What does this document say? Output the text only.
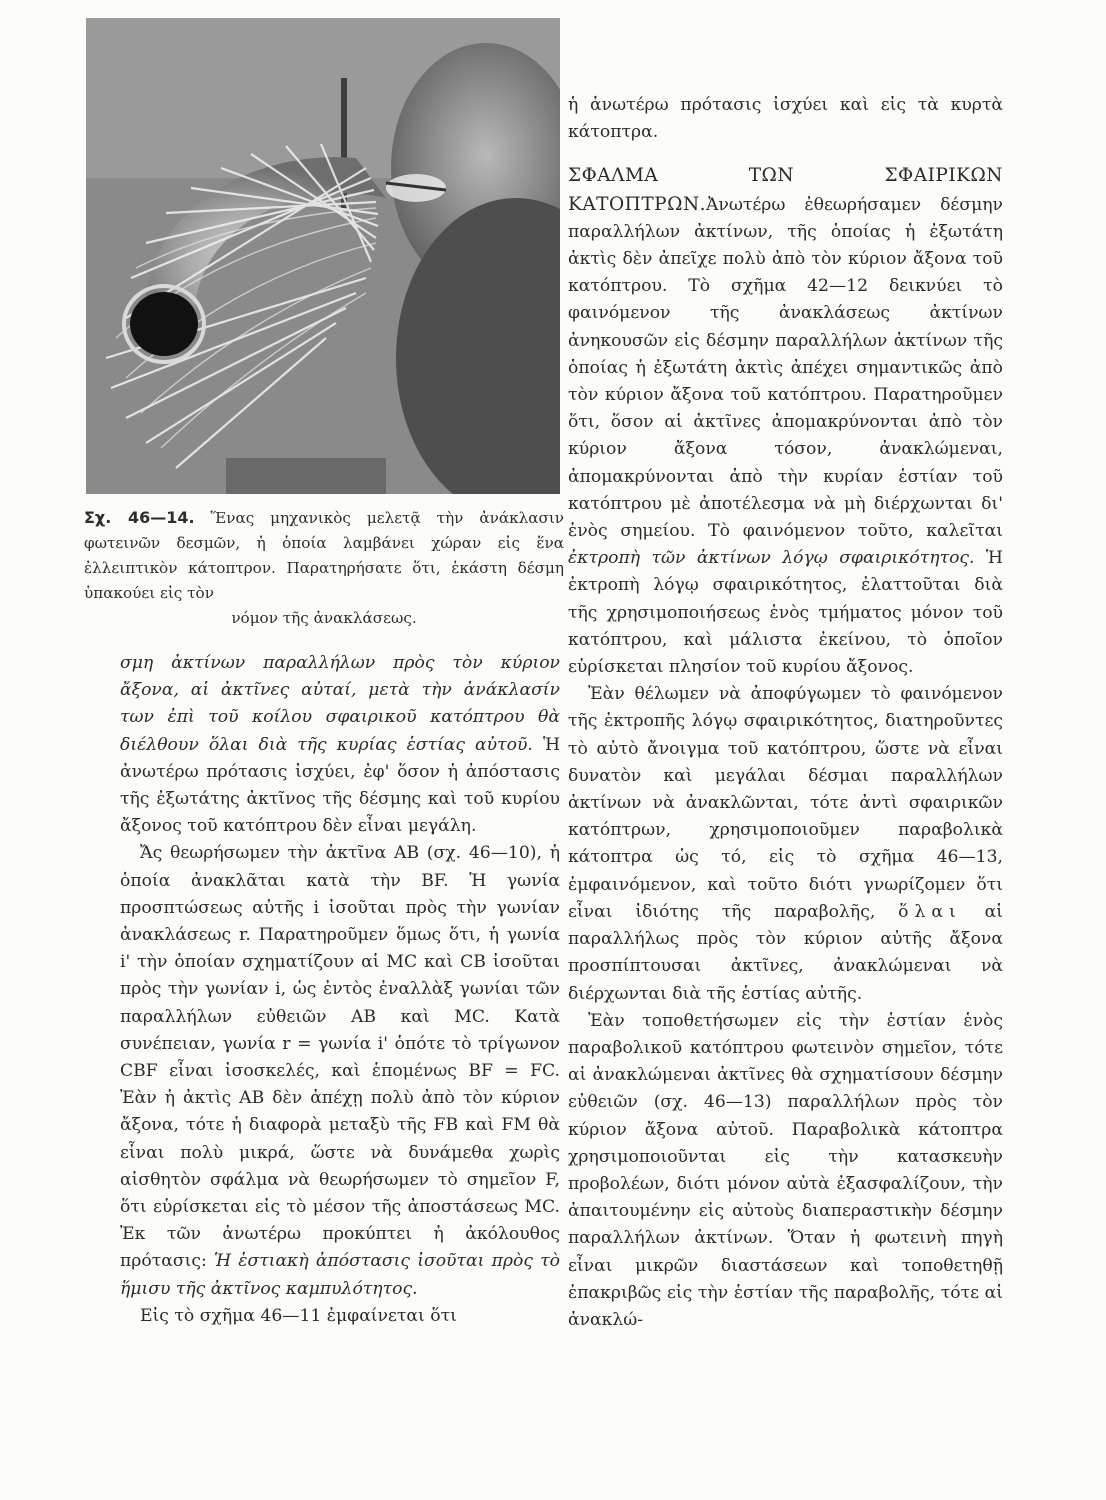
Σχ. 46—14. Ἕνας μηχανικὸς μελετᾷ τὴν ἀνάκλασιν φωτεινῶν δεσμῶν, ἡ ὁποία λαμβάνει χώραν εἰς ἕνα ἐλλειπτικὸν κάτοπτρον. Παρατηρήσατε ὅτι, ἑκάστη δέσμη ὑπακούει εἰς τὸν
νόμον τῆς ἀνακλάσεως.

σμη ἀκτίνων παραλλήλων πρὸς τὸν κύριον ἄξονα, αἱ ἀκτῖνες αὐταί, μετὰ τὴν ἀνάκλασίν των ἐπὶ τοῦ κοίλου σφαιρικοῦ κατόπτρου θὰ διέλθουν ὅλαι διὰ τῆς κυρίας ἑστίας αὐτοῦ. Ἡ ἀνωτέρω πρότασις ἰσχύει, ἐφ' ὅσον ἡ ἀπόστασις τῆς ἐξωτάτης ἀκτῖνος τῆς δέσμης καὶ τοῦ κυρίου ἄξονος τοῦ κατόπτρου δὲν εἶναι μεγάλη.

Ἄς θεωρήσωμεν τὴν ἀκτῖνα ΑΒ (σχ. 46—10), ἡ ὁποία ἀνακλᾶται κατὰ τὴν BF. Ἡ γωνία προσπτώσεως αὐτῆς i ἰσοῦται πρὸς τὴν γωνίαν ἀνακλάσεως r. Παρατηροῦμεν ὅμως ὅτι, ἡ γωνία i' τὴν ὁποίαν σχηματίζουν αἱ MC καὶ CB ἰσοῦται πρὸς τὴν γωνίαν i, ὡς ἐντὸς ἐναλλὰξ γωνίαι τῶν παραλλήλων εὐθειῶν ΑΒ καὶ MC. Κατὰ συνέπειαν, γωνία r = γωνία i' ὁπότε τὸ τρίγωνον CBF εἶναι ἰσοσκελές, καὶ ἑπομένως BF = FC. Ἐὰν ἡ ἀκτὶς ΑΒ δὲν ἀπέχῃ πολὺ ἀπὸ τὸν κύριον ἄξονα, τότε ἡ διαφορὰ μεταξὺ τῆς FB καὶ FM θὰ εἶναι πολὺ μικρά, ὥστε νὰ δυνάμεθα χωρὶς αἰσθητὸν σφάλμα νὰ θεωρήσωμεν τὸ σημεῖον F, ὅτι εὑρίσκεται εἰς τὸ μέσον τῆς ἀποστάσεως MC. Ἐκ τῶν ἀνωτέρω προκύπτει ἡ ἀκόλουθος πρότασις: Ἡ ἑστιακὴ ἀπόστασις ἰσοῦται πρὸς τὸ ἥμισυ τῆς ἀκτῖνος καμπυλότητος.

Εἰς τὸ σχῆμα 46—11 ἐμφαίνεται ὅτι

ἡ ἀνωτέρω πρότασις ἰσχύει καὶ εἰς τὰ κυρτὰ κάτοπτρα.

ΣΦΑΛΜΑ ΤΩΝ ΣΦΑΙΡΙΚΩΝ ΚΑΤΟΠΤΡΩΝ.Ἀνωτέρω ἐθεωρήσαμεν δέσμην παραλλήλων ἀκτίνων, τῆς ὁποίας ἡ ἐξωτάτη ἀκτὶς δὲν ἀπεῖχε πολὺ ἀπὸ τὸν κύριον ἄξονα τοῦ κατόπτρου. Τὸ σχῆμα 42—12 δεικνύει τὸ φαινόμενον τῆς ἀνακλάσεως ἀκτίνων ἀνηκουσῶν εἰς δέσμην παραλλήλων ἀκτίνων τῆς ὁποίας ἡ ἐξωτάτη ἀκτὶς ἀπέχει σημαντικῶς ἀπὸ τὸν κύριον ἄξονα τοῦ κατόπτρου. Παρατηροῦμεν ὅτι, ὅσον αἱ ἀκτῖνες ἀπομακρύνονται ἀπὸ τὸν κύριον ἄξονα τόσον, ἀνακλώμεναι, ἀπομακρύνονται ἀπὸ τὴν κυρίαν ἑστίαν τοῦ κατόπτρου μὲ ἀποτέλεσμα νὰ μὴ διέρχωνται δι' ἑνὸς σημείου. Τὸ φαινόμενον τοῦτο, καλεῖται ἐκτροπὴ τῶν ἀκτίνων λόγῳ σφαιρικότητος. Ἡ ἐκτροπὴ λόγῳ σφαιρικότητος, ἐλαττοῦται διὰ τῆς χρησιμοποιήσεως ἑνὸς τμήματος μόνον τοῦ κατόπτρου, καὶ μάλιστα ἐκείνου, τὸ ὁποῖον εὑρίσκεται πλησίον τοῦ κυρίου ἄξονος.

Ἐὰν θέλωμεν νὰ ἀποφύγωμεν τὸ φαινόμενον τῆς ἐκτροπῆς λόγῳ σφαιρικότητος, διατηροῦντες τὸ αὐτὸ ἄνοιγμα τοῦ κατόπτρου, ὥστε νὰ εἶναι δυνατὸν καὶ μεγάλαι δέσμαι παραλλήλων ἀκτίνων νὰ ἀνακλῶνται, τότε ἀντὶ σφαιρικῶν κατόπτρων, χρησιμοποιοῦμεν παραβολικὰ κάτοπτρα ὡς τό, εἰς τὸ σχῆμα 46—13, ἐμφαινόμενον, καὶ τοῦτο διότι γνωρίζομεν ὅτι εἶναι ἰδιότης τῆς παραβολῆς, ὅλαι αἱ παραλλήλως πρὸς τὸν κύριον αὐτῆς ἄξονα προσπίπτουσαι ἀκτῖνες, ἀνακλώμεναι νὰ διέρχωνται διὰ τῆς ἑστίας αὐτῆς.

Ἐὰν τοποθετήσωμεν εἰς τὴν ἑστίαν ἑνὸς παραβολικοῦ κατόπτρου φωτεινὸν σημεῖον, τότε αἱ ἀνακλώμεναι ἀκτῖνες θὰ σχηματίσουν δέσμην εὐθειῶν (σχ. 46—13) παραλλήλων πρὸς τὸν κύριον ἄξονα αὐτοῦ. Παραβολικὰ κάτοπτρα χρησιμοποιοῦνται εἰς τὴν κατασκευὴν προβολέων, διότι μόνον αὐτὰ ἐξασφαλίζουν, τὴν ἀπαιτουμένην εἰς αὐτοὺς διαπεραστικὴν δέσμην παραλλήλων ἀκτίνων. Ὅταν ἡ φωτεινὴ πηγὴ εἶναι μικρῶν διαστάσεων καὶ τοποθετηθῇ ἐπακριβῶς εἰς τὴν ἑστίαν τῆς παραβολῆς, τότε αἱ ἀνακλώ-
